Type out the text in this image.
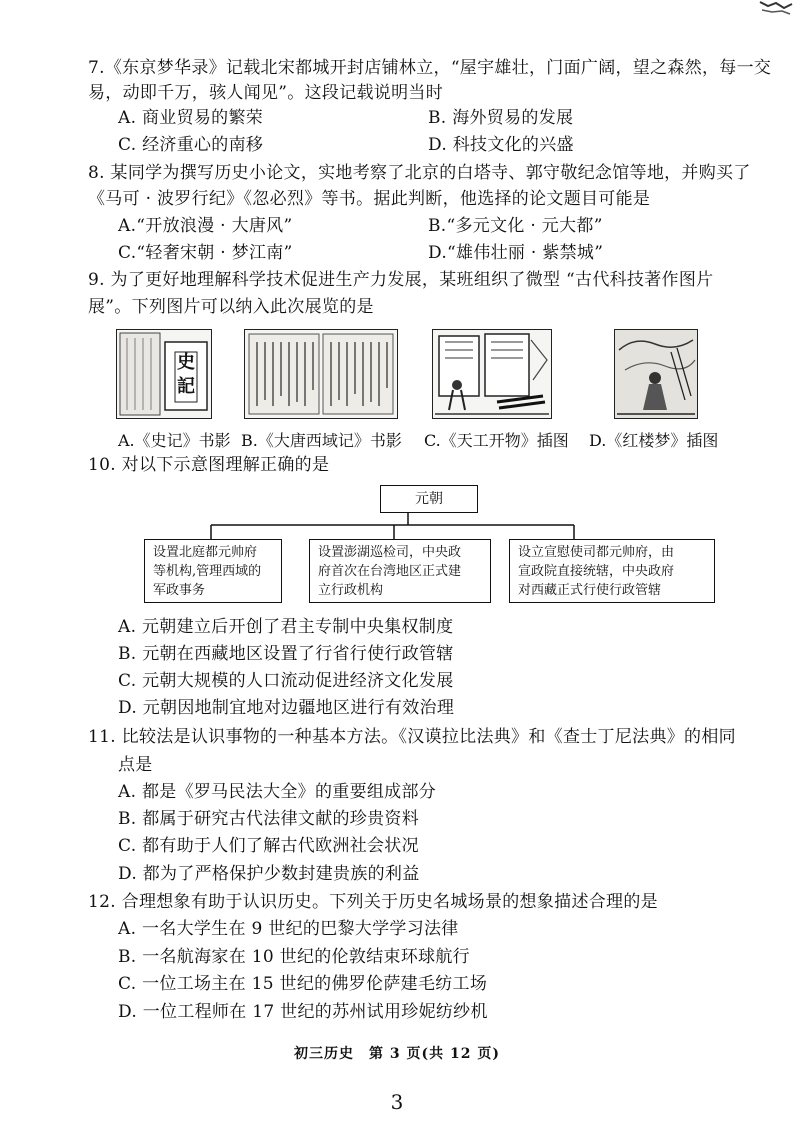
7.《东京梦华录》记载北宋都城开封店铺林立，“屋宇雄壮，门面广阔，望之森然，每一交
易，动即千万，骇人闻见”。这段记载说明当时
A. 商业贸易的繁荣	B. 海外贸易的发展
C. 经济重心的南移	D. 科技文化的兴盛
8. 某同学为撰写历史小论文，实地考察了北京的白塔寺、郭守敬纪念馆等地，并购买了
《马可 · 波罗行纪》《忽必烈》等书。据此判断，他选择的论文题目可能是
A.“开放浪漫 · 大唐风”	B.“多元文化 · 元大都”
C.“轻奢宋朝 · 梦江南”	D.“雄伟壮丽 · 紫禁城”
9. 为了更好地理解科学技术促进生产力发展，某班组织了微型 “古代科技著作图片
展”。下列图片可以纳入此次展览的是
史
記
A.《史记》书影 B.《大唐西域记》书影 C.《天工开物》插图 D.《红楼梦》插图
10. 对以下示意图理解正确的是
元朝
设置北庭都元帅府
等机构,管理西域的
军政事务
设置澎湖巡检司，中央政
府首次在台湾地区正式建
立行政机构
设立宣慰使司都元帅府，由
宣政院直接统辖，中央政府
对西藏正式行使行政管辖
A. 元朝建立后开创了君主专制中央集权制度
B. 元朝在西藏地区设置了行省行使行政管辖
C. 元朝大规模的人口流动促进经济文化发展
D. 元朝因地制宜地对边疆地区进行有效治理
11. 比较法是认识事物的一种基本方法。《汉谟拉比法典》和《查士丁尼法典》的相同
点是
A. 都是《罗马民法大全》的重要组成部分
B. 都属于研究古代法律文献的珍贵资料
C. 都有助于人们了解古代欧洲社会状况
D. 都为了严格保护少数封建贵族的利益
12. 合理想象有助于认识历史。下列关于历史名城场景的想象描述合理的是
A. 一名大学生在 9 世纪的巴黎大学学习法律
B. 一名航海家在 10 世纪的伦敦结束环球航行
C. 一位工场主在 15 世纪的佛罗伦萨建毛纺工场
D. 一位工程师在 17 世纪的苏州试用珍妮纺纱机
初三历史　第 3 页(共 12 页)
3
